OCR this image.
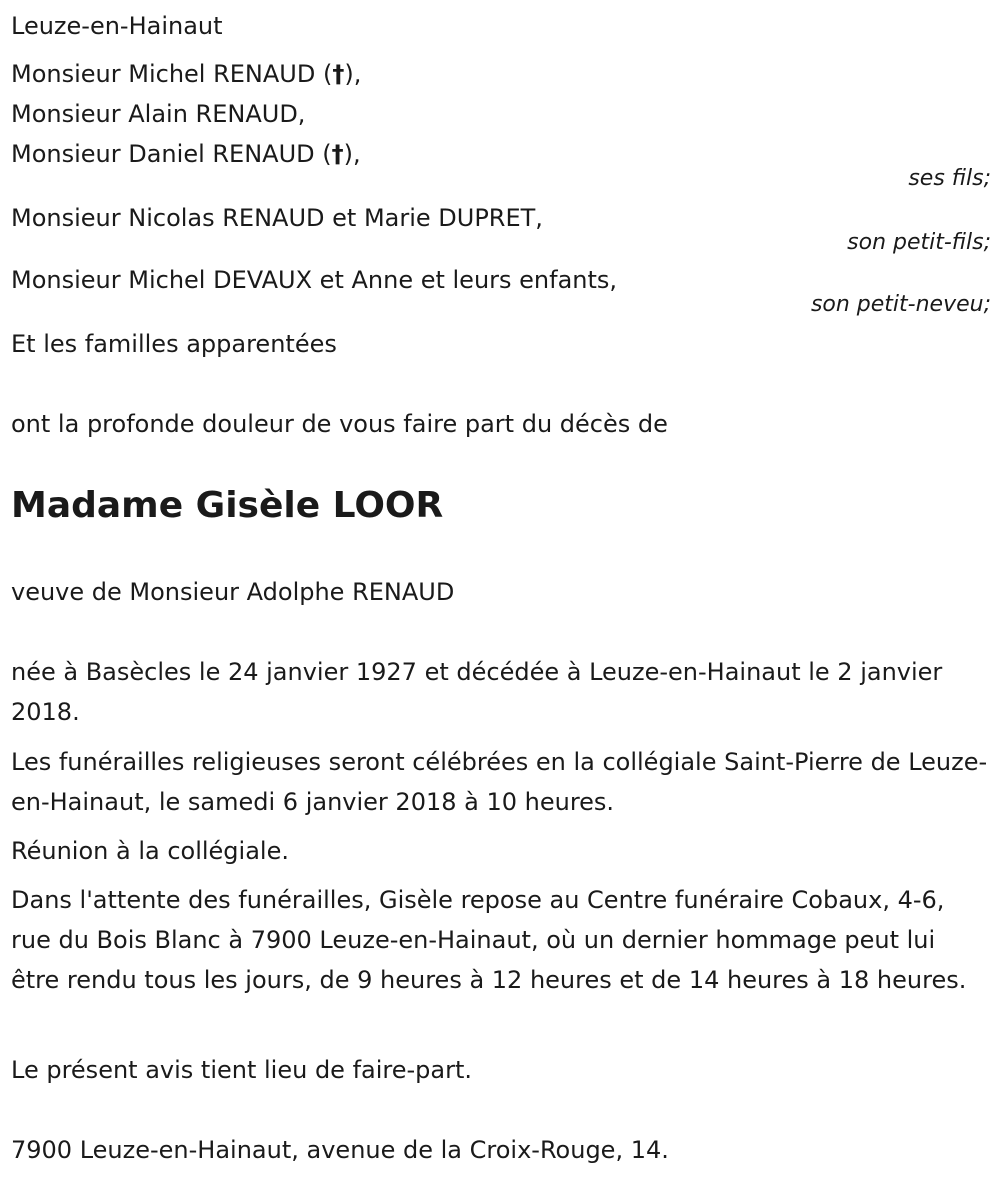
Leuze-en-Hainaut
Monsieur Michel RENAUD (†),
Monsieur Alain RENAUD,
Monsieur Daniel RENAUD (†),
ses fils;
Monsieur Nicolas RENAUD et Marie DUPRET,
son petit-fils;
Monsieur Michel DEVAUX et Anne et leurs enfants,
son petit-neveu;
Et les familles apparentées
ont la profonde douleur de vous faire part du décès de
Madame Gisèle LOOR
veuve de Monsieur Adolphe RENAUD
née à Basècles le 24 janvier 1927 et décédée à Leuze-en-Hainaut le 2 janvier 2018.
Les funérailles religieuses seront célébrées en la collégiale Saint-Pierre de Leuze-en-Hainaut, le samedi 6 janvier 2018 à 10 heures.
Réunion à la collégiale.
Dans l'attente des funérailles, Gisèle repose au Centre funéraire Cobaux, 4-6, rue du Bois Blanc à 7900 Leuze-en-Hainaut, où un dernier hommage peut lui être rendu tous les jours, de 9 heures à 12 heures et de 14 heures à 18 heures.
Le présent avis tient lieu de faire-part.
7900 Leuze-en-Hainaut, avenue de la Croix-Rouge, 14.
